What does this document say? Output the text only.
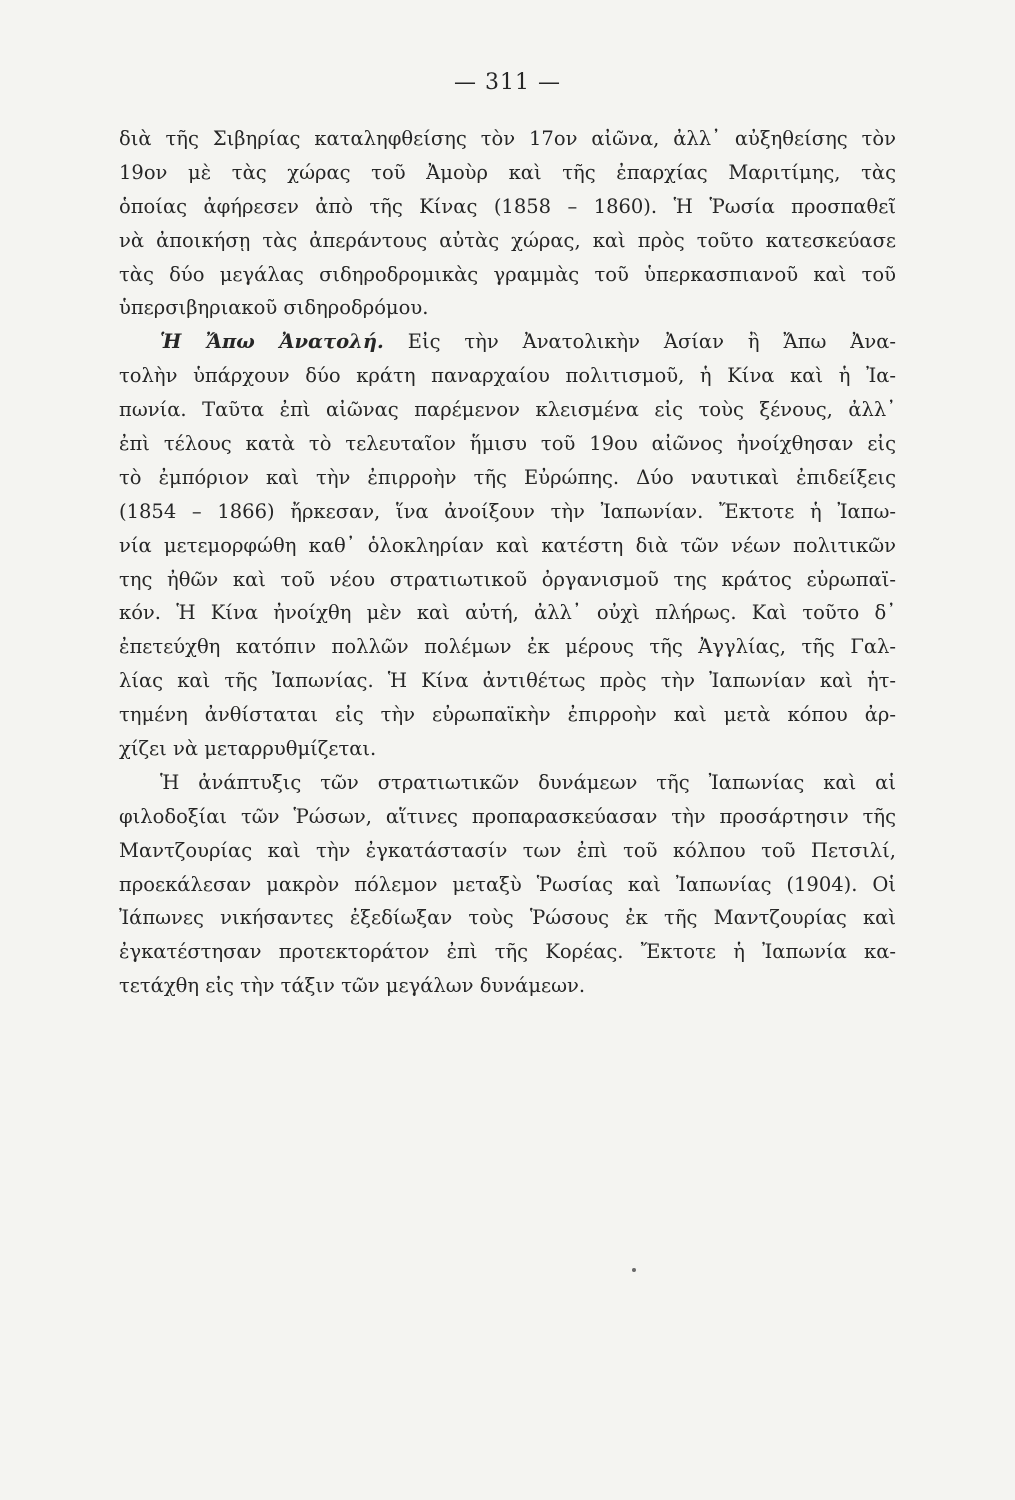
— 311 —
διὰ τῆς Σιβηρίας καταληφθείσης τὸν 17ον αἰῶνα, ἀλλ᾽ αὐξηθείσης τὸν
19ον μὲ τὰς χώρας τοῦ Ἀμοὺρ καὶ τῆς ἐπαρχίας Μαριτίμης, τὰς
ὁποίας ἀφήρεσεν ἀπὸ τῆς Κίνας (1858 – 1860). Ἡ Ῥωσία προσπαθεῖ
νὰ ἀποικήσῃ τὰς ἀπεράντους αὐτὰς χώρας, καὶ πρὸς τοῦτο κατεσκεύασε
τὰς δύο μεγάλας σιδηροδρομικὰς γραμμὰς τοῦ ὑπερκασπιανοῦ καὶ τοῦ
ὑπερσιβηριακοῦ σιδηροδρόμου.
Ἡ Ἄπω Ἀνατολή. Εἰς τὴν Ἀνατολικὴν Ἀσίαν ἢ Ἄπω Ἀνα-
τολὴν ὑπάρχουν δύο κράτη παναρχαίου πολιτισμοῦ, ἡ Κίνα καὶ ἡ Ἰα-
πωνία. Ταῦτα ἐπὶ αἰῶνας παρέμενον κλεισμένα εἰς τοὺς ξένους, ἀλλ᾽
ἐπὶ τέλους κατὰ τὸ τελευταῖον ἥμισυ τοῦ 19ου αἰῶνος ἠνοίχθησαν εἰς
τὸ ἐμπόριον καὶ τὴν ἐπιρροὴν τῆς Εὐρώπης. Δύο ναυτικαὶ ἐπιδείξεις
(1854 – 1866) ἤρκεσαν, ἵνα ἀνοίξουν τὴν Ἰαπωνίαν. Ἔκτοτε ἡ Ἰαπω-
νία μετεμορφώθη καθ᾽ ὁλοκληρίαν καὶ κατέστη διὰ τῶν νέων πολιτικῶν
της ἠθῶν καὶ τοῦ νέου στρατιωτικοῦ ὀργανισμοῦ της κράτος εὐρωπαϊ-
κόν. Ἡ Κίνα ἠνοίχθη μὲν καὶ αὐτή, ἀλλ᾽ οὐχὶ πλήρως. Καὶ τοῦτο δ᾽
ἐπετεύχθη κατόπιν πολλῶν πολέμων ἐκ μέρους τῆς Ἀγγλίας, τῆς Γαλ-
λίας καὶ τῆς Ἰαπωνίας. Ἡ Κίνα ἀντιθέτως πρὸς τὴν Ἰαπωνίαν καὶ ἡτ-
τημένη ἀνθίσταται εἰς τὴν εὐρωπαϊκὴν ἐπιρροὴν καὶ μετὰ κόπου ἀρ-
χίζει νὰ μεταρρυθμίζεται.
Ἡ ἀνάπτυξις τῶν στρατιωτικῶν δυνάμεων τῆς Ἰαπωνίας καὶ αἱ
φιλοδοξίαι τῶν Ῥώσων, αἵτινες προπαρασκεύασαν τὴν προσάρτησιν τῆς
Μαντζουρίας καὶ τὴν ἐγκατάστασίν των ἐπὶ τοῦ κόλπου τοῦ Πετσιλί,
προεκάλεσαν μακρὸν πόλεμον μεταξὺ Ῥωσίας καὶ Ἰαπωνίας (1904). Οἱ
Ἰάπωνες νικήσαντες ἐξεδίωξαν τοὺς Ῥώσους ἐκ τῆς Μαντζουρίας καὶ
ἐγκατέστησαν προτεκτοράτον ἐπὶ τῆς Κορέας. Ἔκτοτε ἡ Ἰαπωνία κα-
τετάχθη εἰς τὴν τάξιν τῶν μεγάλων δυνάμεων.
